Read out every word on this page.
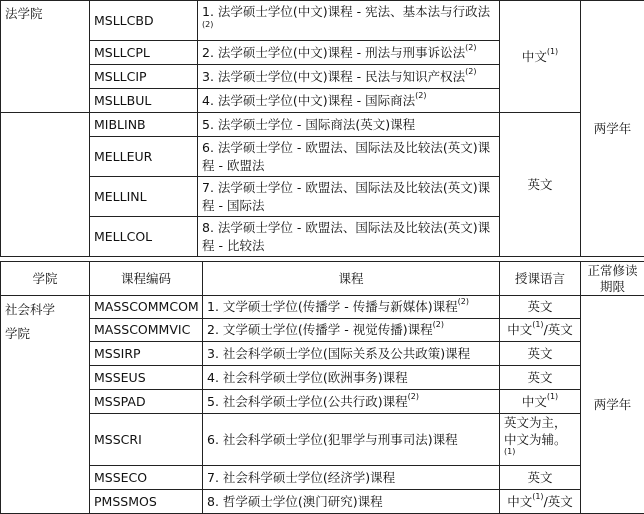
法学院	MSLLCBD	1. 法学硕士学位(中文)课程 - 宪法、基本法与行政法$^{(2)}$	中文$^{(1)}$	两学年
	MSLLCPL	2. 法学硕士学位(中文)课程 - 刑法与刑事诉讼法$^{(2)}$
	MSLLCIP	3. 法学硕士学位(中文)课程 - 民法与知识产权法$^{(2)}$
	MSLLBUL	4. 法学硕士学位(中文)课程 - 国际商法$^{(2)}$
	MIBLINB	5. 法学硕士学位 - 国际商法(英文)课程	英文	
	MELLEUR	6. 法学硕士学位 - 欧盟法、国际法及比较法(英文)课程 - 欧盟法		
	MELLINL	7. 法学硕士学位 - 欧盟法、国际法及比较法(英文)课程 - 国际法		
	MELLCOL	8. 法学硕士学位 - 欧盟法、国际法及比较法(英文)课程 - 比较法		
学院	课程编码	课程	授课语言	正常修读
期限
社会科学
学院	MASSCOMMCOM	1. 文学硕士学位(传播学 - 传播与新媒体)课程$^{(2)}$	英文	两学年
	MASSCOMMVIC	2. 文学硕士学位(传播学 - 视觉传播)课程$^{(2)}$	中文$^{(1)}$/英文	
	MSSIRP	3. 社会科学硕士学位(国际关系及公共政策)课程	英文	
	MSSEUS	4. 社会科学硕士学位(欧洲事务)课程	英文	
	MSSPAD	5. 社会科学硕士学位(公共行政)课程$^{(2)}$	中文$^{(1)}$
	MSSCRI	6. 社会科学硕士学位(犯罪学与刑事司法)课程	英文为主，
中文为辅。$^{(1)}$
	MSSECO	7. 社会科学硕士学位(经济学)课程	英文	
	PMSSMOS	8. 哲学硕士学位(澳门研究)课程	中文$^{(1)}$/英文	
